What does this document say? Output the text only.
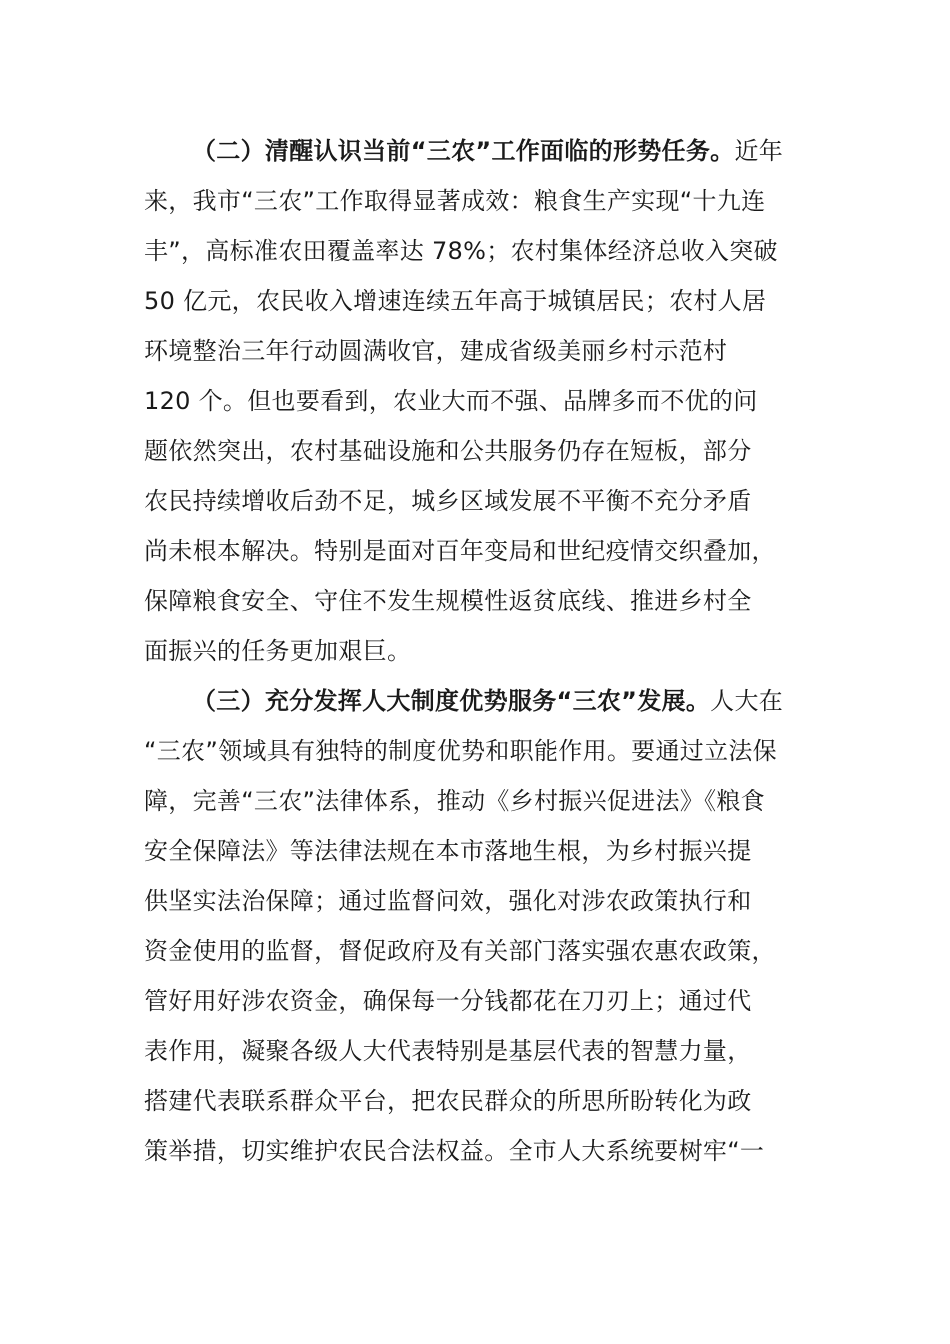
（二）清醒认识当前“三农”工作面临的形势任务。近年
来，我市“三农”工作取得显著成效：粮食生产实现“十九连
丰”，高标准农田覆盖率达 78%；农村集体经济总收入突破
50 亿元，农民收入增速连续五年高于城镇居民；农村人居
环境整治三年行动圆满收官，建成省级美丽乡村示范村
120 个。但也要看到，农业大而不强、品牌多而不优的问
题依然突出，农村基础设施和公共服务仍存在短板，部分
农民持续增收后劲不足，城乡区域发展不平衡不充分矛盾
尚未根本解决。特别是面对百年变局和世纪疫情交织叠加，
保障粮食安全、守住不发生规模性返贫底线、推进乡村全
面振兴的任务更加艰巨。
（三）充分发挥人大制度优势服务“三农”发展。人大在
“三农”领域具有独特的制度优势和职能作用。要通过立法保
障，完善“三农”法律体系，推动《乡村振兴促进法》《粮食
安全保障法》等法律法规在本市落地生根，为乡村振兴提
供坚实法治保障；通过监督问效，强化对涉农政策执行和
资金使用的监督，督促政府及有关部门落实强农惠农政策，
管好用好涉农资金，确保每一分钱都花在刀刃上；通过代
表作用，凝聚各级人大代表特别是基层代表的智慧力量，
搭建代表联系群众平台，把农民群众的所思所盼转化为政
策举措，切实维护农民合法权益。全市人大系统要树牢“一
